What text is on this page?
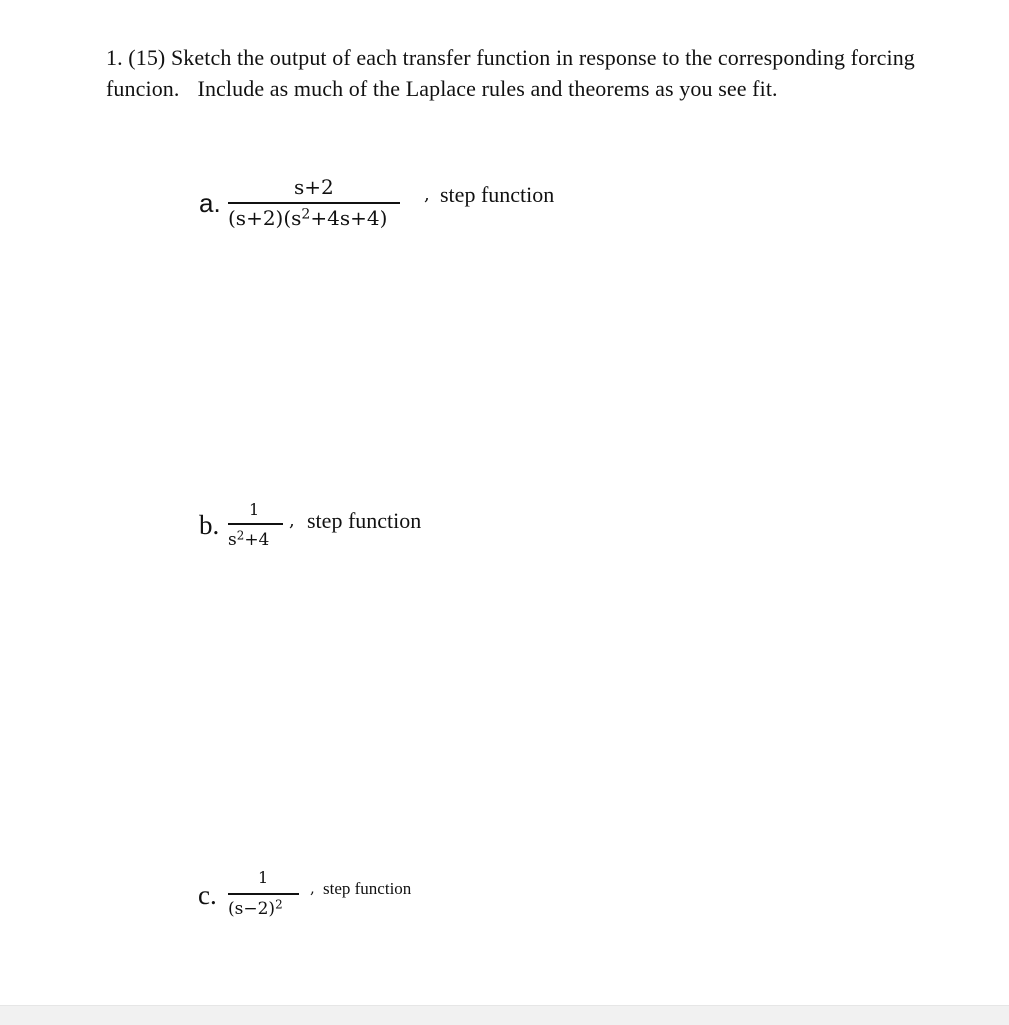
1. (15) Sketch the output of each transfer function in response to the corresponding forcing
funcion. Include as much of the Laplace rules and theorems as you see fit.
a.
s+2
$(s+2)(s^2+4s+4)$
, step function
b.
1
$s^2+4$
, step function
c.
1
$(s-2)^2$
, step function
